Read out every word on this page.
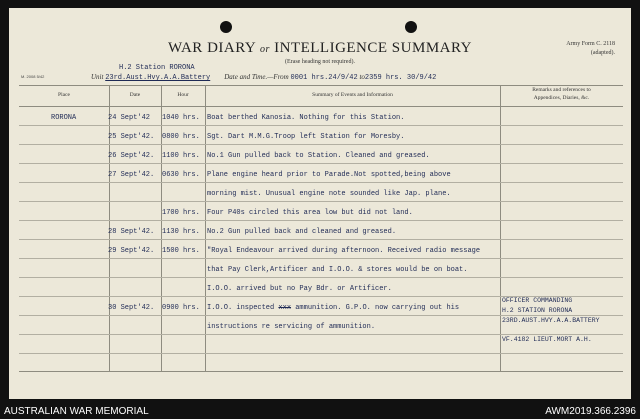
WAR DIARY or INTELLIGENCE SUMMARY
(Erase heading not required).
Army Form C. 2118
(adapted).
M. 2008 5/42
H.2 Station RORONA
Unit 23rd.Aust.Hvy.A.A.Battery Date and Time.—From 0001 hrs.24/9/42 to2359 hrs. 30/9/42
Place	Date	Hour	Summary of Events and Information
Remarks and references to
Appendices, Diaries, &c.
RORONA	24 Sept'42 1040 hrs. Boat berthed Kanosia. Nothing for this Station.
25 Sept'42. 0800 hrs. Sgt. Dart M.M.G.Troop left Station for Moresby.
26 Sept'42. 1100 hrs. No.1 Gun pulled back to Station. Cleaned and greased.
27 Sept'42. 0630 hrs. Plane engine heard prior to Parade.Not spotted,being above
morning mist. Unusual engine note sounded like Jap. plane.
1700 hrs. Four P40s circled this area low but did not land.
28 Sept'42. 1130 hrs. No.2 Gun pulled back and cleaned and greased.
29 Sept'42. 1500 hrs. "Royal Endeavour arrived during afternoon. Received radio message
that Pay Clerk,Artificer and I.O.O. & stores would be on boat.
I.O.O. arrived but no Pay Bdr. or Artificer.
30 Sept'42. 0900 hrs. I.O.O. inspected xxx ammunition. G.P.O. now carrying out his
instructions re servicing of ammunition.
OFFICER COMMANDING
H.2 STATION RORONA
23RD.AUST.HVY.A.A.BATTERY
VF.4182 LIEUT.MORT A.H.
AUSTRALIAN WAR MEMORIAL	AWM2019.366.2396
